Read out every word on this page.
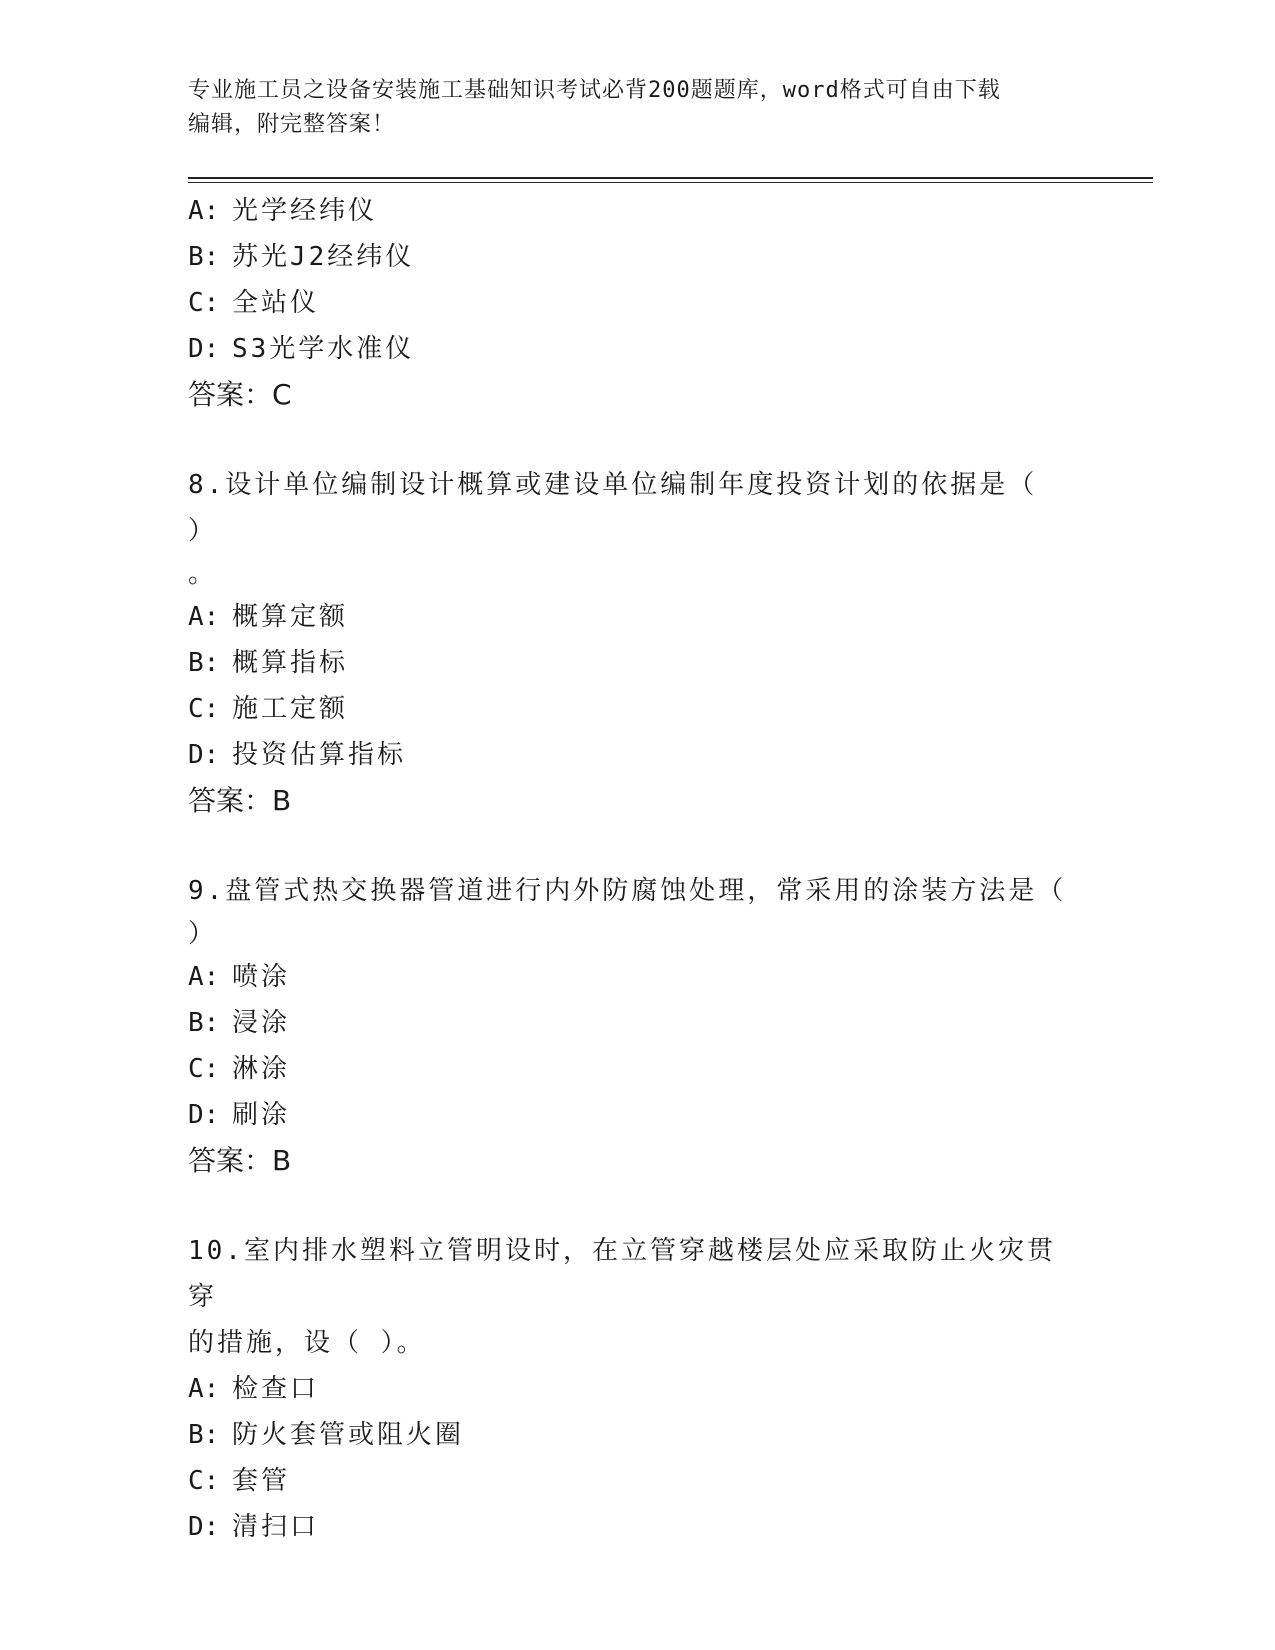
专业施工员之设备安装施工基础知识考试必背200题题库，word格式可自由下载
编辑，附完整答案！
A: 光学经纬仪
B: 苏光J2经纬仪
C: 全站仪
D: S3光学水准仪
答案：C
8.设计单位编制设计概算或建设单位编制年度投资计划的依据是（ ）
。
A: 概算定额
B: 概算指标
C: 施工定额
D: 投资估算指标
答案：B
9.盘管式热交换器管道进行内外防腐蚀处理，常采用的涂装方法是（
）
A: 喷涂
B: 浸涂
C: 淋涂
D: 刷涂
答案：B
10.室内排水塑料立管明设时，在立管穿越楼层处应采取防止火灾贯穿
的措施，设（ ）。
A: 检查口
B: 防火套管或阻火圈
C: 套管
D: 清扫口
